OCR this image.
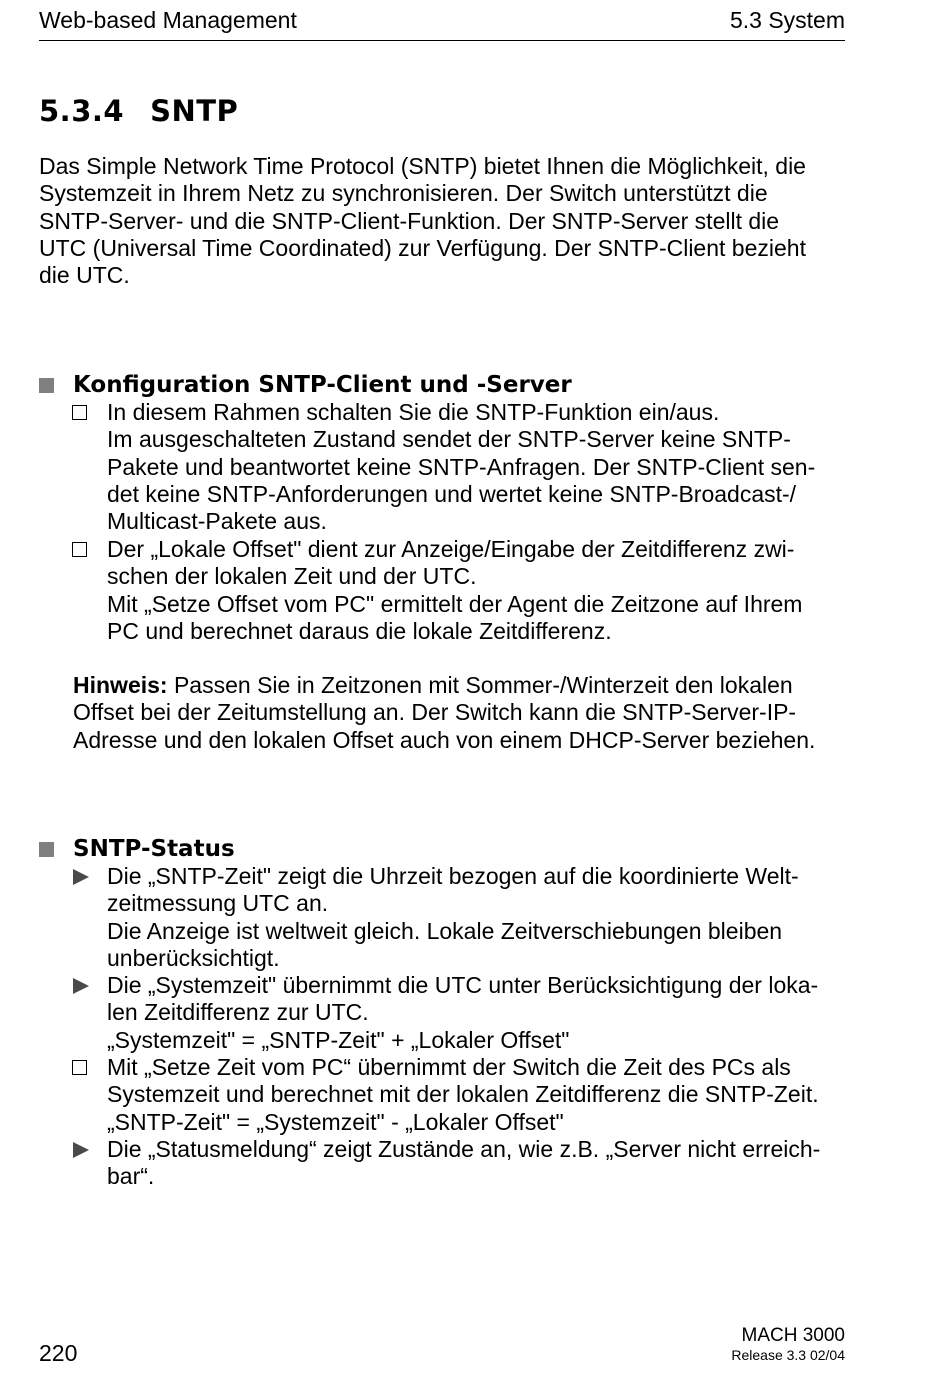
Web-based Management	5.3 System
5.3.4 SNTP
Das Simple Network Time Protocol (SNTP) bietet Ihnen die Möglichkeit, die
Systemzeit in Ihrem Netz zu synchronisieren. Der Switch unterstützt die
SNTP-Server- und die SNTP-Client-Funktion. Der SNTP-Server stellt die
UTC (Universal Time Coordinated) zur Verfügung. Der SNTP-Client bezieht
die UTC.
Konfiguration SNTP-Client und -Server
In diesem Rahmen schalten Sie die SNTP-Funktion ein/aus.
Im ausgeschalteten Zustand sendet der SNTP-Server keine SNTP-
Pakete und beantwortet keine SNTP-Anfragen. Der SNTP-Client sen-
det keine SNTP-Anforderungen und wertet keine SNTP-Broadcast-/
Multicast-Pakete aus.
Der „Lokale Offset" dient zur Anzeige/Eingabe der Zeitdifferenz zwi-
schen der lokalen Zeit und der UTC.
Mit „Setze Offset vom PC" ermittelt der Agent die Zeitzone auf Ihrem
PC und berechnet daraus die lokale Zeitdifferenz.
Hinweis: Passen Sie in Zeitzonen mit Sommer-/Winterzeit den lokalen
Offset bei der Zeitumstellung an. Der Switch kann die SNTP-Server-IP-
Adresse und den lokalen Offset auch von einem DHCP-Server beziehen.
SNTP-Status
Die „SNTP-Zeit" zeigt die Uhrzeit bezogen auf die koordinierte Welt-
zeitmessung UTC an.
Die Anzeige ist weltweit gleich. Lokale Zeitverschiebungen bleiben
unberücksichtigt.
Die „Systemzeit" übernimmt die UTC unter Berücksichtigung der loka-
len Zeitdifferenz zur UTC.
„Systemzeit" = „SNTP-Zeit" + „Lokaler Offset"
Mit „Setze Zeit vom PC“ übernimmt der Switch die Zeit des PCs als
Systemzeit und berechnet mit der lokalen Zeitdifferenz die SNTP-Zeit.
„SNTP-Zeit" = „Systemzeit" - „Lokaler Offset"
Die „Statusmeldung“ zeigt Zustände an, wie z.B. „Server nicht erreich-
bar“.
220
MACH 3000
Release 3.3 02/04
